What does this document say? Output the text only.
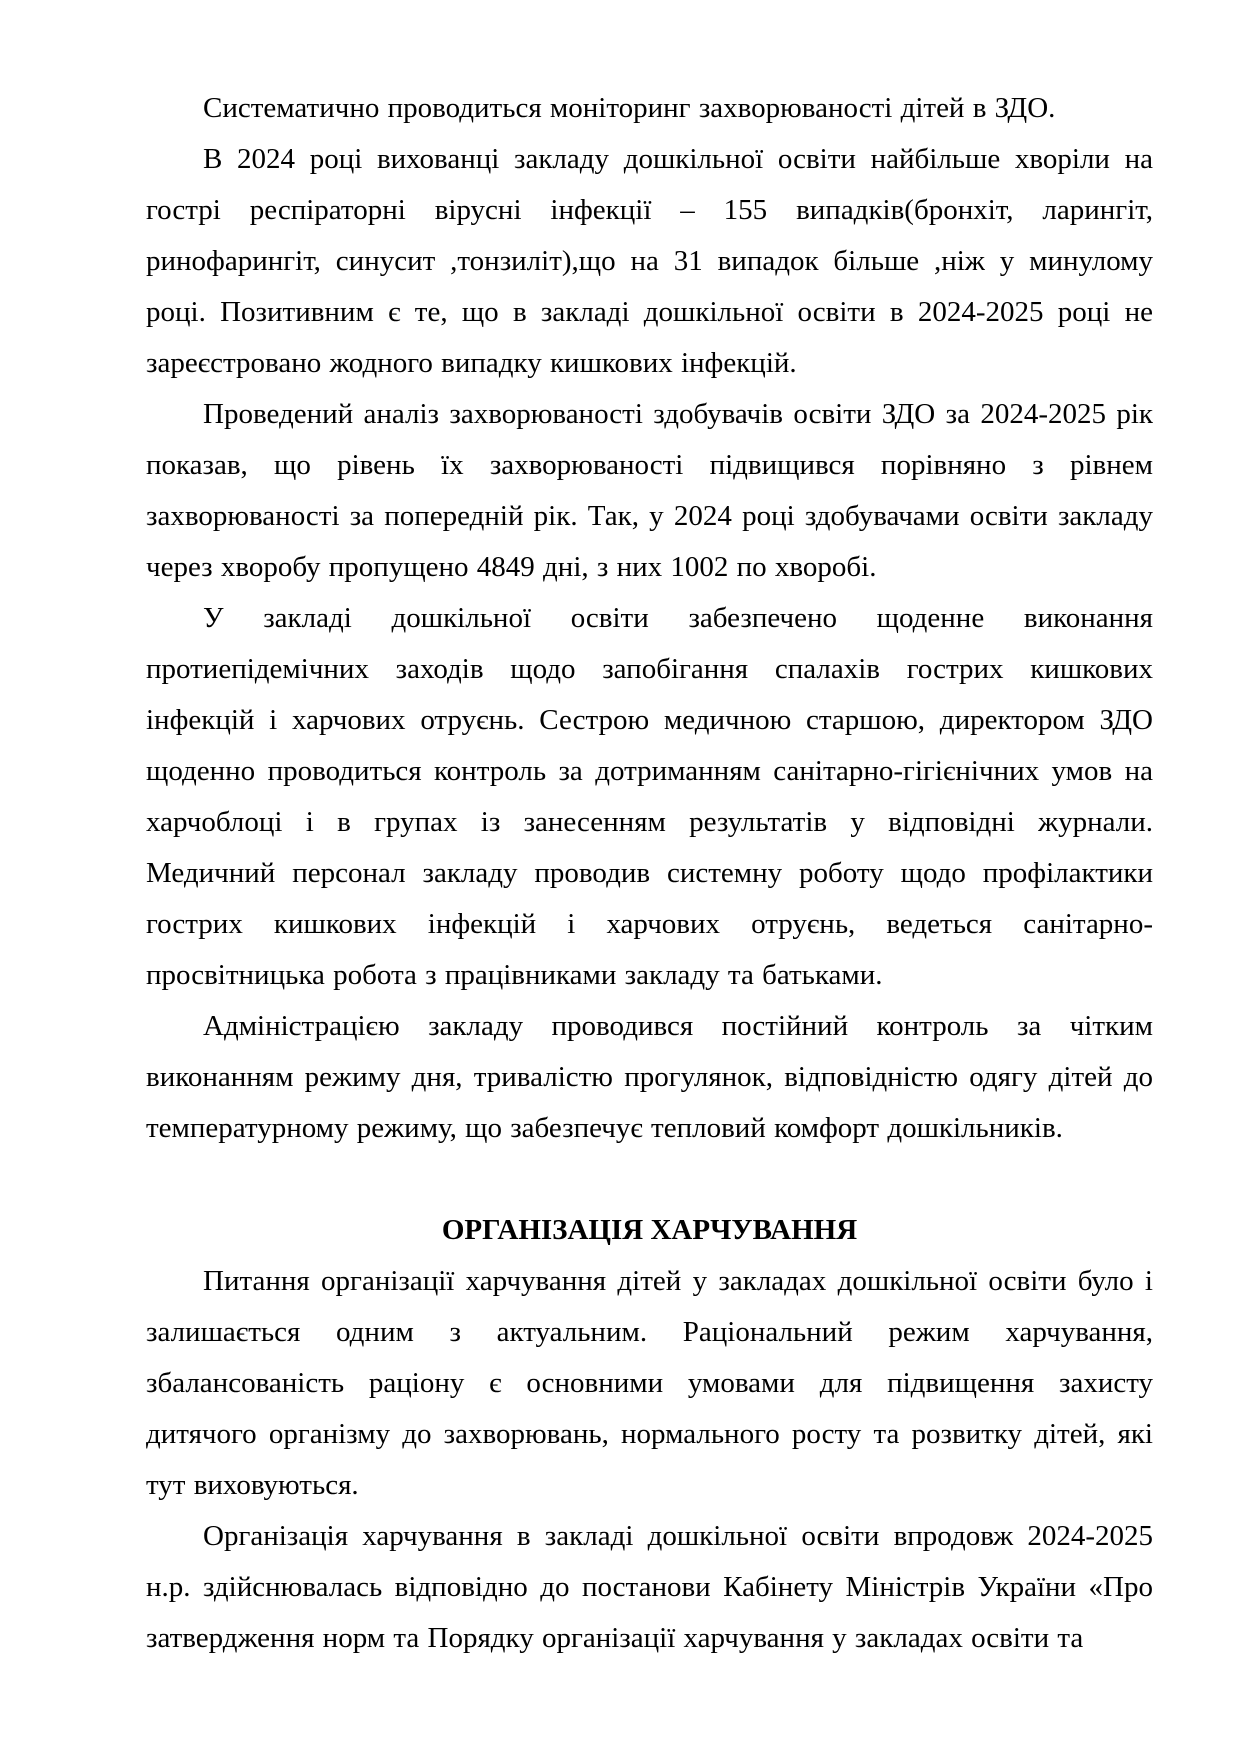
Систематично проводиться моніторинг захворюваності дітей в ЗДО.

В 2024 році вихованці закладу дошкільної освіти найбільше хворіли на гострі респіраторні вірусні інфекції – 155 випадків(бронхіт, ларингіт, ринофарингіт, синусит ,тонзиліт),що на 31 випадок більше ,ніж у минулому році. Позитивним є те, що в закладі дошкільної освіти в 2024-2025 році не зареєстровано жодного випадку кишкових інфекцій.

Проведений аналіз захворюваності здобувачів освіти ЗДО за 2024-2025 рік показав, що рівень їх захворюваності підвищився порівняно з рівнем захворюваності за попередній рік. Так, у 2024 році здобувачами освіти закладу через хворобу пропущено 4849 дні, з них 1002 по хворобі.

У закладі дошкільної освіти забезпечено щоденне виконання протиепідемічних заходів щодо запобігання спалахів гострих кишкових інфекцій і харчових отруєнь. Сестрою медичною старшою, директором ЗДО щоденно проводиться контроль за дотриманням санітарно-гігієнічних умов на харчоблоці і в групах із занесенням результатів у відповідні журнали. Медичний персонал закладу проводив системну роботу щодо профілактики гострих кишкових інфекцій і харчових отруєнь, ведеться санітарно-просвітницька робота з працівниками закладу та батьками.

Адміністрацією закладу проводився постійний контроль за чітким виконанням режиму дня, тривалістю прогулянок, відповідністю одягу дітей до температурному режиму, що забезпечує тепловий комфорт дошкільників.

ОРГАНІЗАЦІЯ ХАРЧУВАННЯ

Питання організації харчування дітей у закладах дошкільної освіти було і залишається одним з актуальним. Раціональний режим харчування, збалансованість раціону є основними умовами для підвищення захисту дитячого організму до захворювань, нормального росту та розвитку дітей, які тут виховуються.

Організація харчування в закладі дошкільної освіти впродовж 2024-2025 н.р. здійснювалась відповідно до постанови Кабінету Міністрів України «Про затвердження норм та Порядку організації харчування у закладах освіти та
